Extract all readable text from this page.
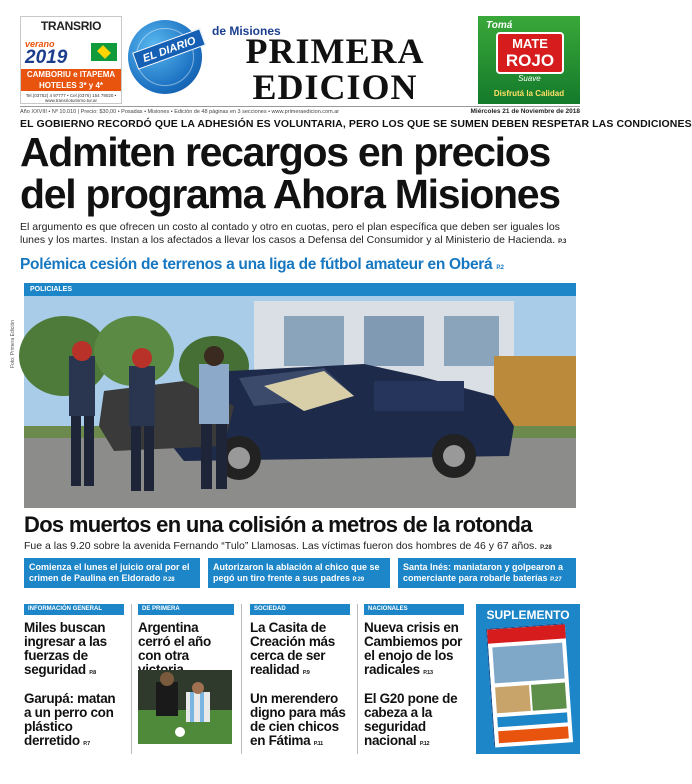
TRANSRIO
verano
2019
CAMBORIU e ITAPEMA HOTELES 3* y 4*
Tel.(03752) 4 97777 • Cel.(0376) 154 79020 • www.transrioturismo.tur.ar
EL DIARIO
de Misiones
PRIMERA
EDICION
Tomá
MATE
ROJO
Suave
Disfrutá la Calidad
Año XXVIII • Nº 10.010 | Precio: $30,00 • Posadas • Misiones • Edición de 48 páginas en 3 secciones • www.primeraedicion.com.ar	Miércoles 21 de Noviembre de 2018
EL GOBIERNO RECORDÓ QUE LA ADHESIÓN ES VOLUNTARIA, PERO LOS QUE SE SUMEN DEBEN RESPETAR LAS CONDICIONES
Admiten recargos en precios
del programa Ahora Misiones
El argumento es que ofrecen un costo al contado y otro en cuotas, pero el plan específica que deben ser iguales los lunes y los martes. Instan a los afectados a llevar los casos a Defensa del Consumidor y al Ministerio de Hacienda. P.3
Polémica cesión de terrenos a una liga de fútbol amateur en Oberá P.2
Foto: Primera Edición
POLICIALES
Dos muertos en una colisión a metros de la rotonda
Fue a las 9.20 sobre la avenida Fernando “Tulo” Llamosas. Las víctimas fueron dos hombres de 46 y 67 años. P.28
Comienza el lunes el juicio oral por el crimen de Paulina en Eldorado P.28
Autorizaron la ablación al chico que se pegó un tiro frente a sus padres P.29
Santa Inés: maniataron y golpearon a comerciante para robarle baterías P.27
INFORMACIÓN GENERAL
Miles buscan ingresar a las fuerzas de seguridad P.8
Garupá: matan a un perro con plástico derretido P.7
DE PRIMERA
Argentina cerró el año con otra
SOCIEDAD
La Casita de Creación más cerca de ser realidad P.9
Un merendero digno para más de cien chicos en Fátima P.11
NACIONALES
Nueva crisis en Cambiemos por el enojo de los radicales P.13
El G20 pone de cabeza a la seguridad nacional P.12
SUPLEMENTO
